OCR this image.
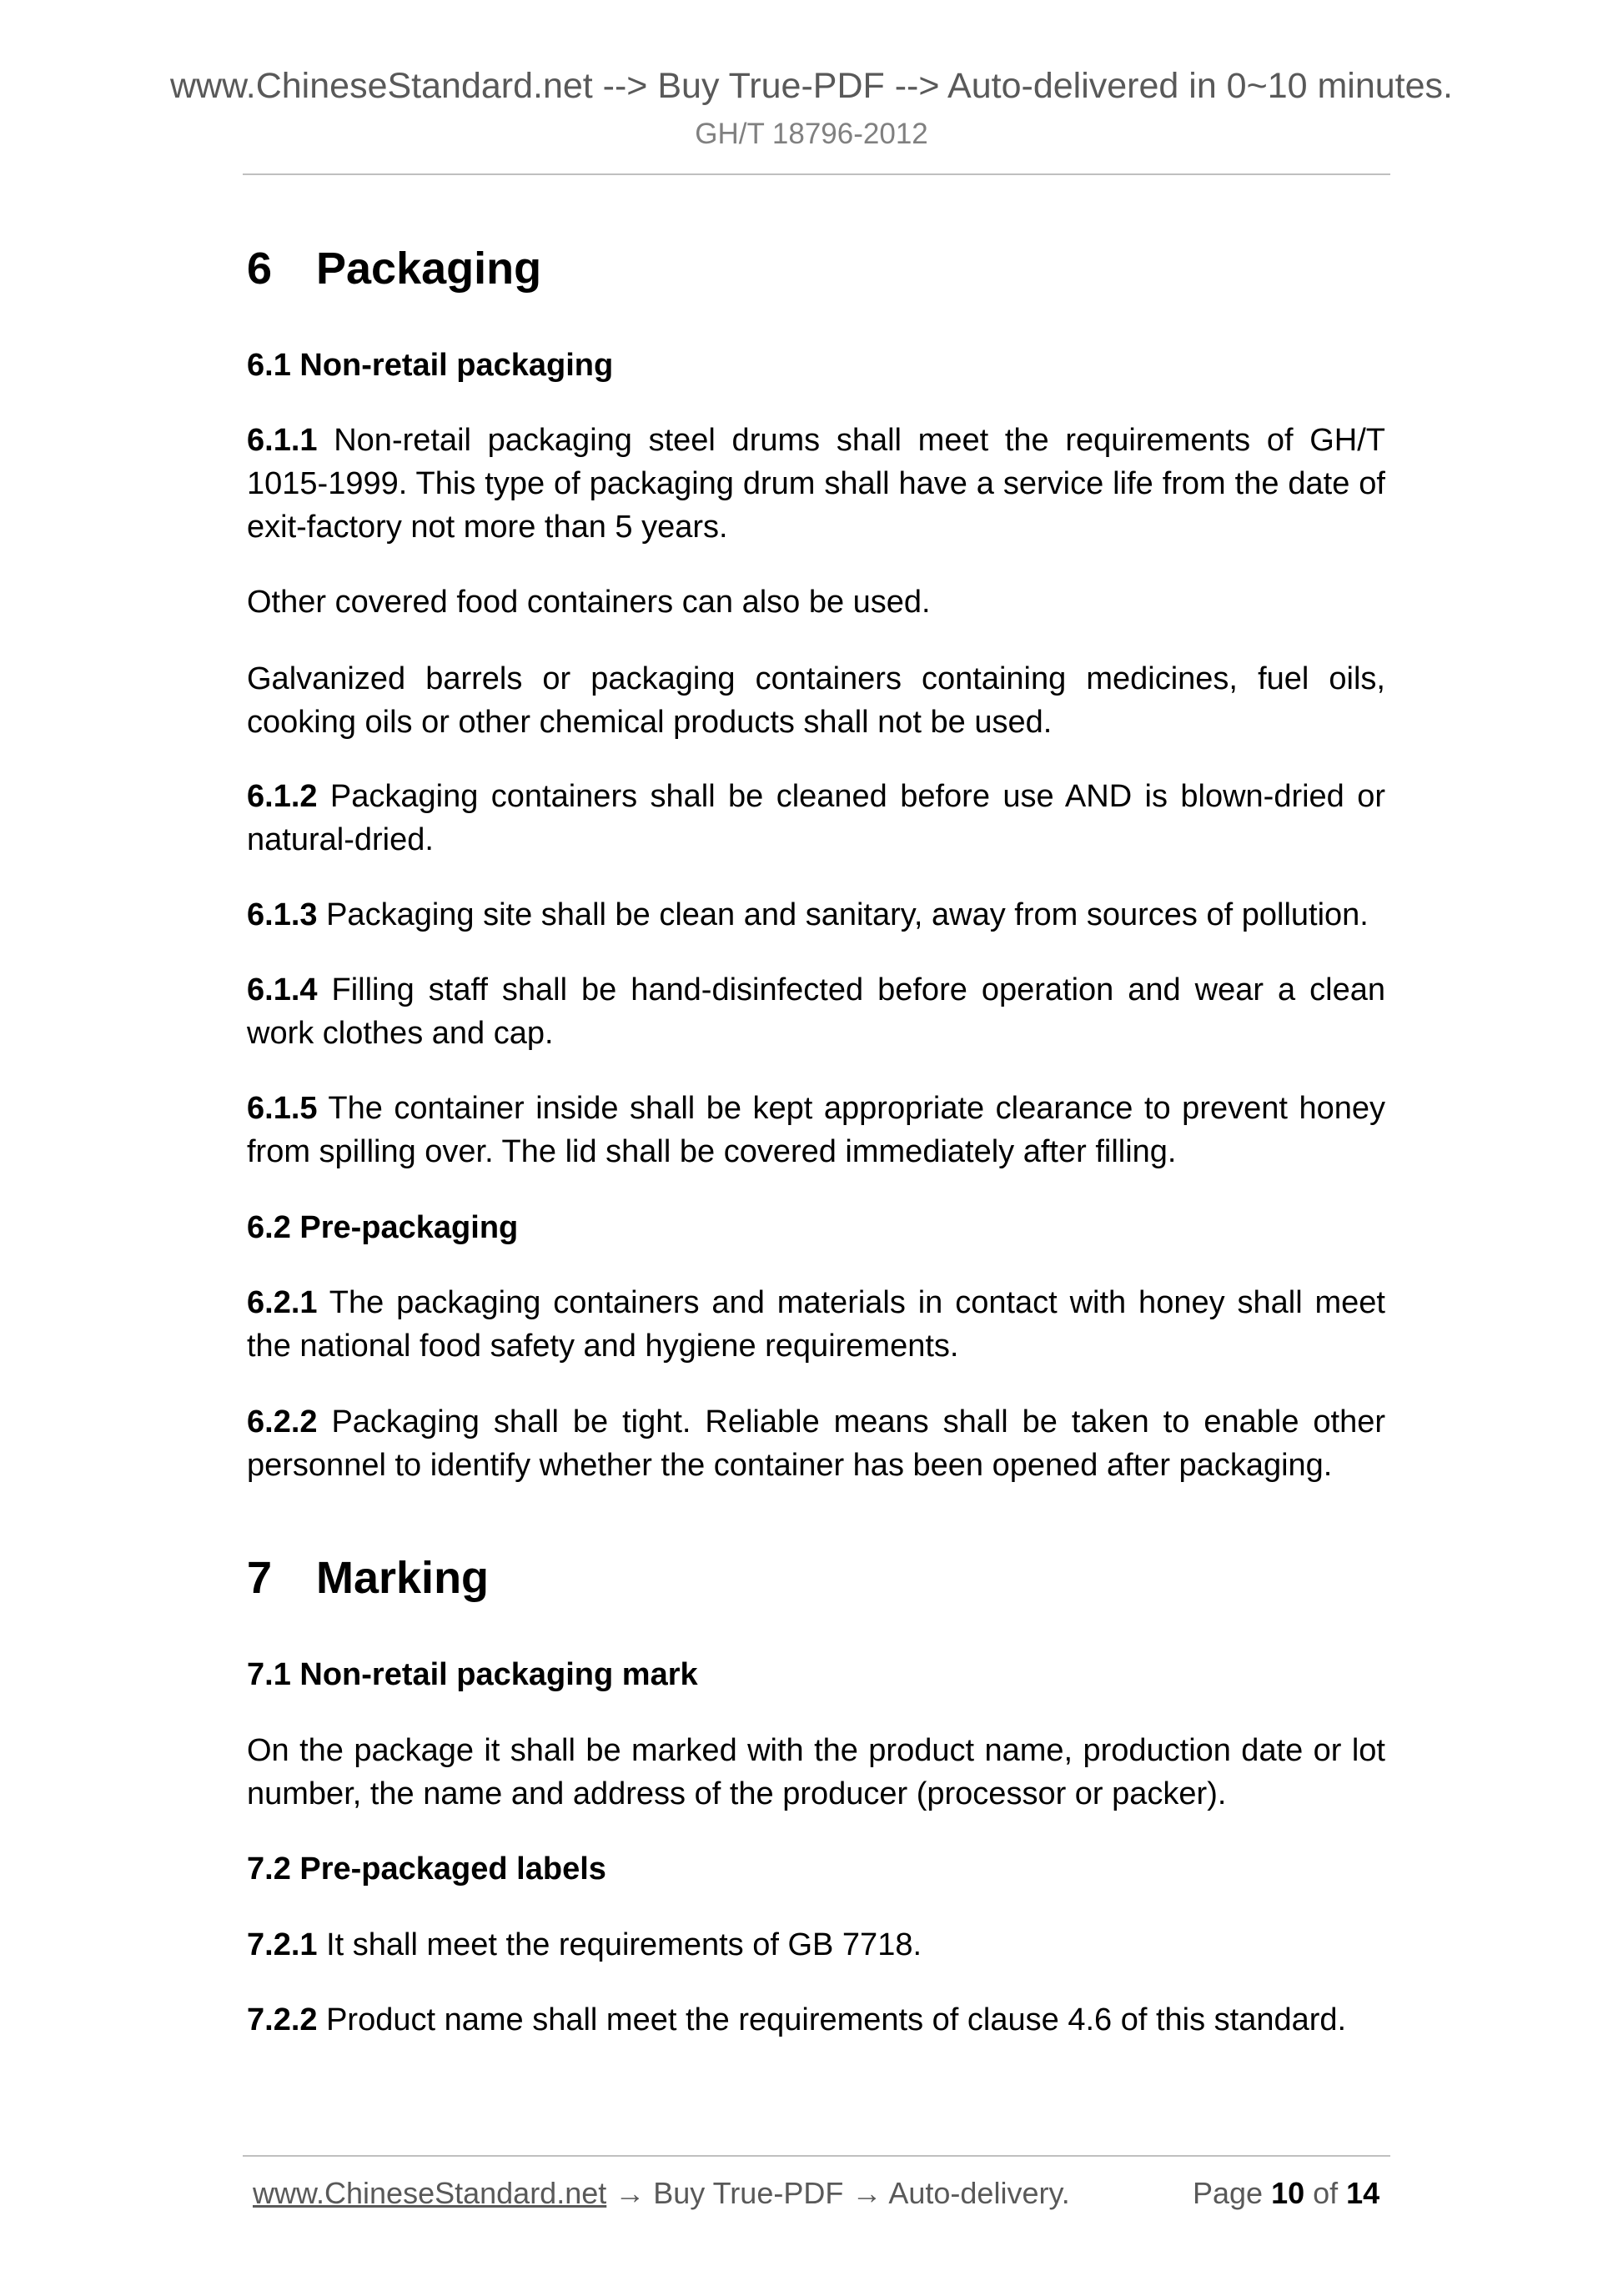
www.ChineseStandard.net --> Buy True-PDF --> Auto-delivered in 0~10 minutes.
GH/T 18796-2012
6 Packaging
6.1 Non-retail packaging
6.1.1 Non-retail packaging steel drums shall meet the requirements of GH/T 1015-1999. This type of packaging drum shall have a service life from the date of exit-factory not more than 5 years.
Other covered food containers can also be used.
Galvanized barrels or packaging containers containing medicines, fuel oils, cooking oils or other chemical products shall not be used.
6.1.2 Packaging containers shall be cleaned before use AND is blown-dried or natural-dried.
6.1.3 Packaging site shall be clean and sanitary, away from sources of pollution.
6.1.4 Filling staff shall be hand-disinfected before operation and wear a clean work clothes and cap.
6.1.5 The container inside shall be kept appropriate clearance to prevent honey from spilling over. The lid shall be covered immediately after filling.
6.2 Pre-packaging
6.2.1 The packaging containers and materials in contact with honey shall meet the national food safety and hygiene requirements.
6.2.2 Packaging shall be tight. Reliable means shall be taken to enable other personnel to identify whether the container has been opened after packaging.
7 Marking
7.1 Non-retail packaging mark
On the package it shall be marked with the product name, production date or lot number, the name and address of the producer (processor or packer).
7.2 Pre-packaged labels
7.2.1 It shall meet the requirements of GB 7718.
7.2.2 Product name shall meet the requirements of clause 4.6 of this standard.
www.ChineseStandard.net → Buy True-PDF → Auto-delivery.	Page 10 of 14
